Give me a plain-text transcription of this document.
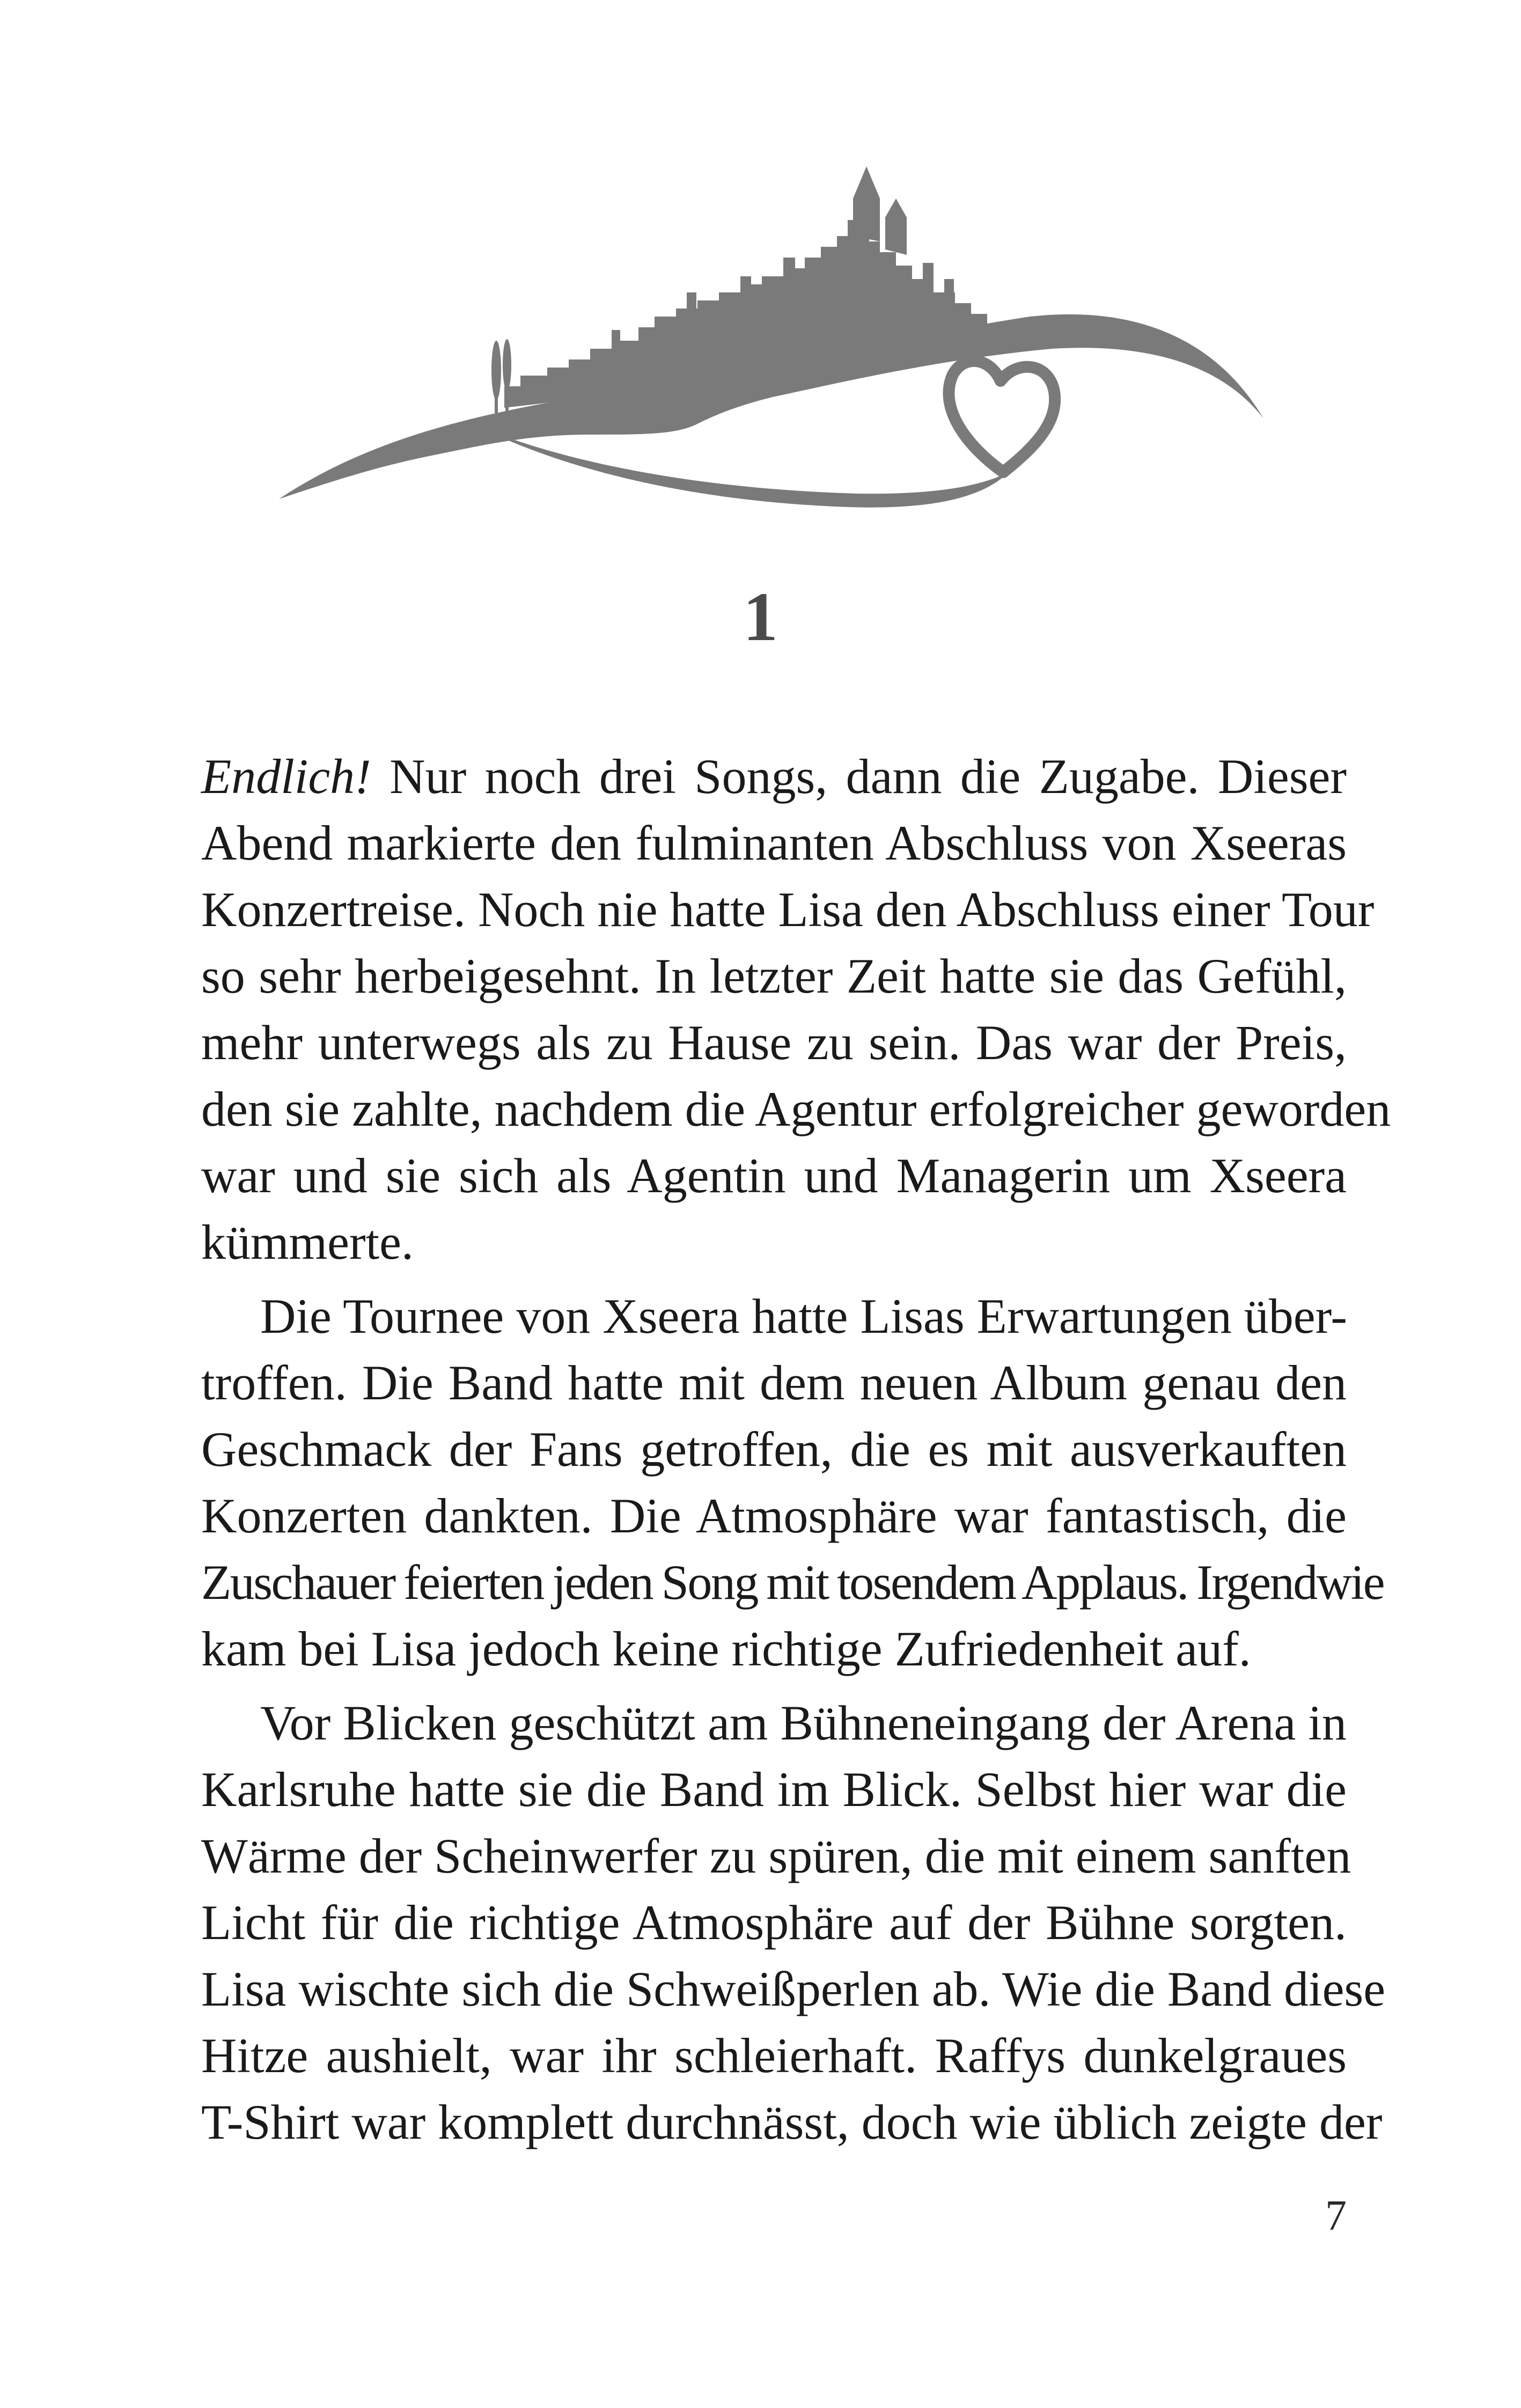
1
Endlich! Nur noch drei Songs, dann die Zugabe. Dieser
Abend markierte den fulminanten Abschluss von Xseeras
Konzertreise. Noch nie hatte Lisa den Abschluss einer Tour
so sehr herbeigesehnt. In letzter Zeit hatte sie das Gefühl,
mehr unterwegs als zu Hause zu sein. Das war der Preis,
den sie zahlte, nachdem die Agentur erfolgreicher geworden
war und sie sich als Agentin und Managerin um Xseera
kümmerte.
Die Tournee von Xseera hatte Lisas Erwartungen über-
troffen. Die Band hatte mit dem neuen Album genau den
Geschmack der Fans getroffen, die es mit ausverkauften
Konzerten dankten. Die Atmosphäre war fantastisch, die
Zuschauer feierten jeden Song mit tosendem Applaus. Irgendwie
kam bei Lisa jedoch keine richtige Zufriedenheit auf.
Vor Blicken geschützt am Bühneneingang der Arena in
Karlsruhe hatte sie die Band im Blick. Selbst hier war die
Wärme der Scheinwerfer zu spüren, die mit einem sanften
Licht für die richtige Atmosphäre auf der Bühne sorgten.
Lisa wischte sich die Schweißperlen ab. Wie die Band diese
Hitze aushielt, war ihr schleierhaft. Raffys dunkelgraues
T-Shirt war komplett durchnässt, doch wie üblich zeigte der
7
